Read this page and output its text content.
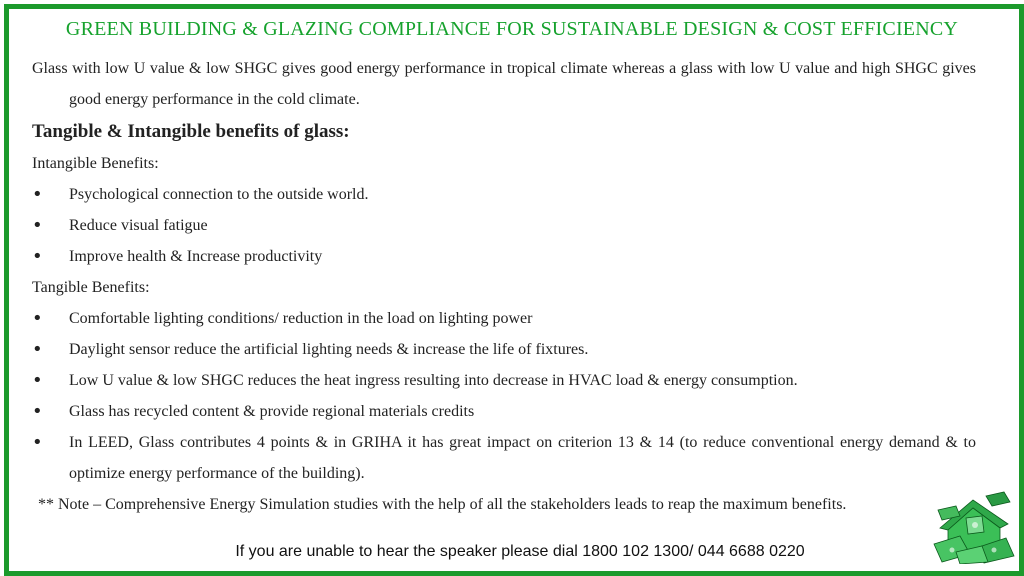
GREEN BUILDING & GLAZING COMPLIANCE FOR SUSTAINABLE DESIGN & COST EFFICIENCY

Glass with low U value & low SHGC gives good energy performance in tropical climate whereas a glass with low U value and high SHGC gives good energy performance in the cold climate.

Tangible & Intangible benefits of glass:

Intangible Benefits:

• Psychological connection to the outside world.
• Reduce visual fatigue
• Improve health & Increase productivity

Tangible Benefits:

• Comfortable lighting conditions/ reduction in the load on lighting power
• Daylight sensor reduce the artificial lighting needs & increase the life of fixtures.
• Low U value & low SHGC reduces the heat ingress resulting into decrease in HVAC load & energy consumption.
• Glass has recycled content & provide regional materials credits
• In LEED, Glass contributes 4 points & in GRIHA it has great impact on criterion 13 & 14 (to reduce conventional energy demand & to optimize energy performance of the building).

** Note – Comprehensive Energy Simulation studies with the help of all the stakeholders leads to reap the maximum benefits.

If you are unable to hear the speaker please dial 1800 102 1300/ 044 6688 0220
